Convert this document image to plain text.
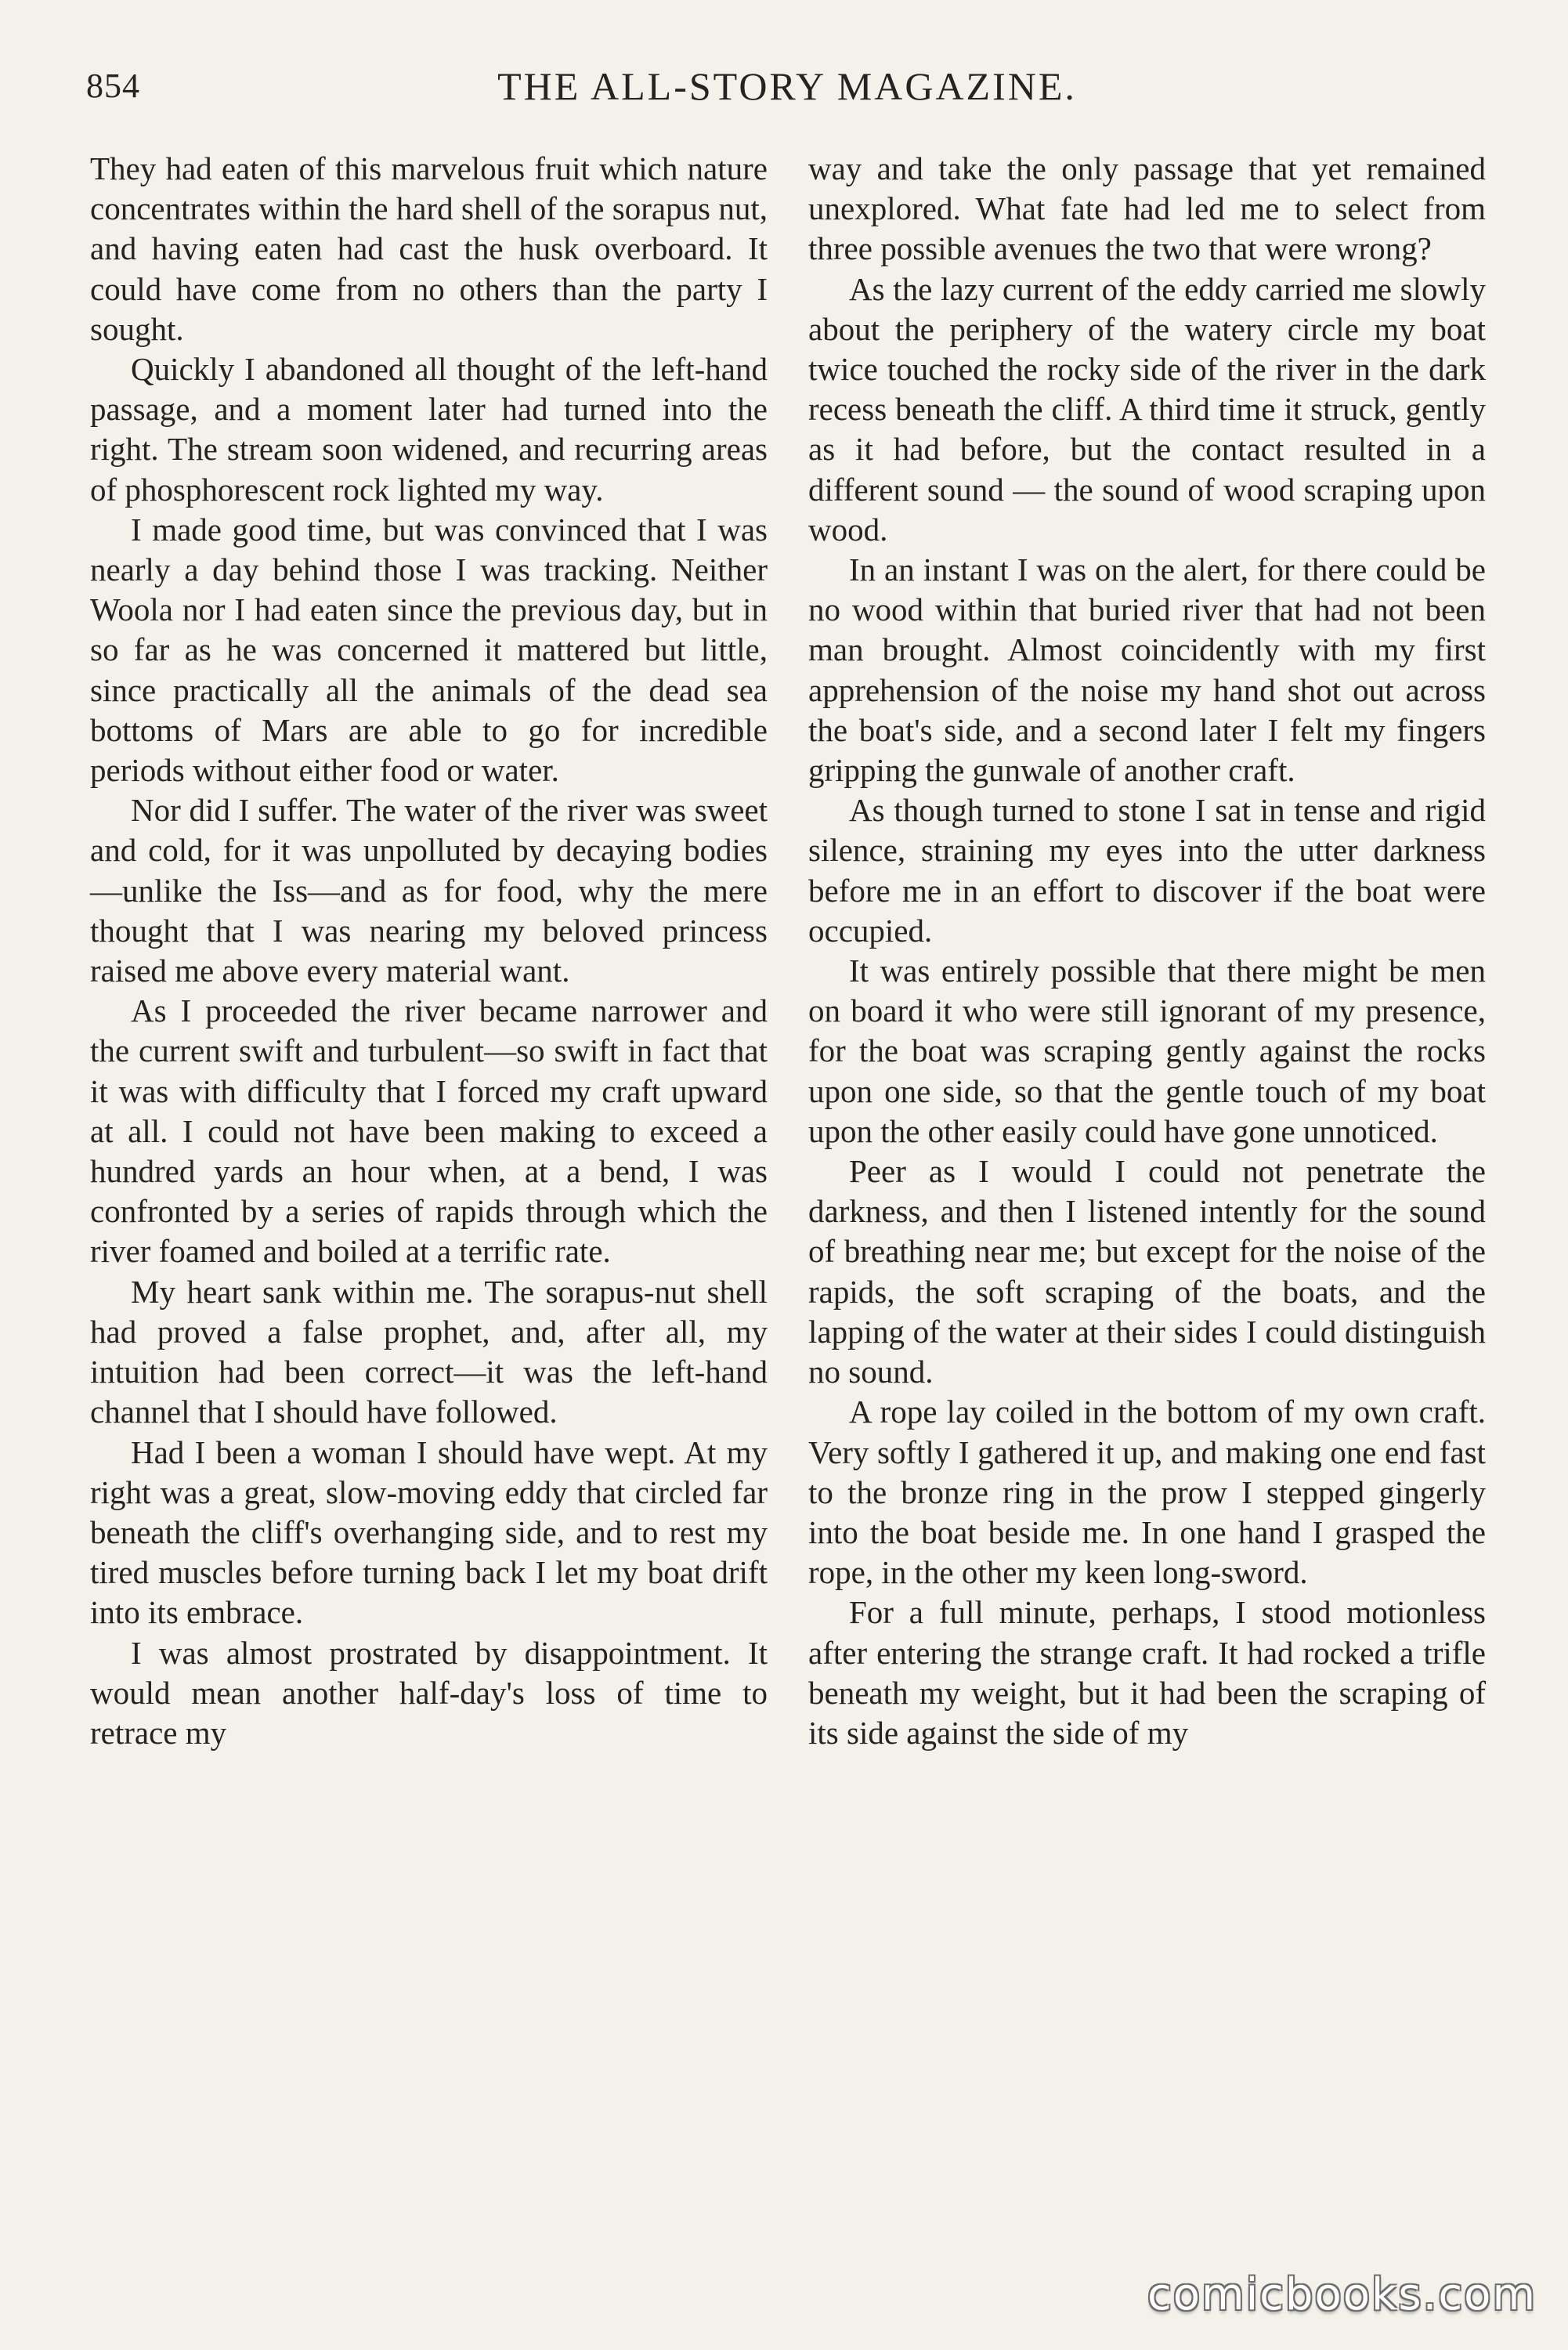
854	THE ALL-STORY MAGAZINE.

They had eaten of this marvelous fruit which nature concentrates within the hard shell of the sorapus nut, and having eaten had cast the husk overboard. It could have come from no others than the party I sought.

Quickly I abandoned all thought of the left-hand passage, and a moment later had turned into the right. The stream soon widened, and recurring areas of phosphorescent rock lighted my way.

I made good time, but was convinced that I was nearly a day behind those I was tracking. Neither Woola nor I had eaten since the previous day, but in so far as he was concerned it mattered but little, since practically all the animals of the dead sea bottoms of Mars are able to go for incredible periods without either food or water.

Nor did I suffer. The water of the river was sweet and cold, for it was unpolluted by decaying bodies—unlike the Iss—and as for food, why the mere thought that I was nearing my beloved princess raised me above every material want.

As I proceeded the river became narrower and the current swift and turbulent—so swift in fact that it was with difficulty that I forced my craft upward at all. I could not have been making to exceed a hundred yards an hour when, at a bend, I was confronted by a series of rapids through which the river foamed and boiled at a terrific rate.

My heart sank within me. The sorapus-nut shell had proved a false prophet, and, after all, my intuition had been correct—it was the left-hand channel that I should have followed.

Had I been a woman I should have wept. At my right was a great, slow-moving eddy that circled far beneath the cliff's overhanging side, and to rest my tired muscles before turning back I let my boat drift into its embrace.

I was almost prostrated by disappointment. It would mean another half-day's loss of time to retrace my

way and take the only passage that yet remained unexplored. What fate had led me to select from three possible avenues the two that were wrong?

As the lazy current of the eddy carried me slowly about the periphery of the watery circle my boat twice touched the rocky side of the river in the dark recess beneath the cliff. A third time it struck, gently as it had before, but the contact resulted in a different sound — the sound of wood scraping upon wood.

In an instant I was on the alert, for there could be no wood within that buried river that had not been man brought. Almost coincidently with my first apprehension of the noise my hand shot out across the boat's side, and a second later I felt my fingers gripping the gunwale of another craft.

As though turned to stone I sat in tense and rigid silence, straining my eyes into the utter darkness before me in an effort to discover if the boat were occupied.

It was entirely possible that there might be men on board it who were still ignorant of my presence, for the boat was scraping gently against the rocks upon one side, so that the gentle touch of my boat upon the other easily could have gone unnoticed.

Peer as I would I could not penetrate the darkness, and then I listened intently for the sound of breathing near me; but except for the noise of the rapids, the soft scraping of the boats, and the lapping of the water at their sides I could distinguish no sound.

A rope lay coiled in the bottom of my own craft. Very softly I gathered it up, and making one end fast to the bronze ring in the prow I stepped gingerly into the boat beside me. In one hand I grasped the rope, in the other my keen long-sword.

For a full minute, perhaps, I stood motionless after entering the strange craft. It had rocked a trifle beneath my weight, but it had been the scraping of its side against the side of my

comicbooks.com
